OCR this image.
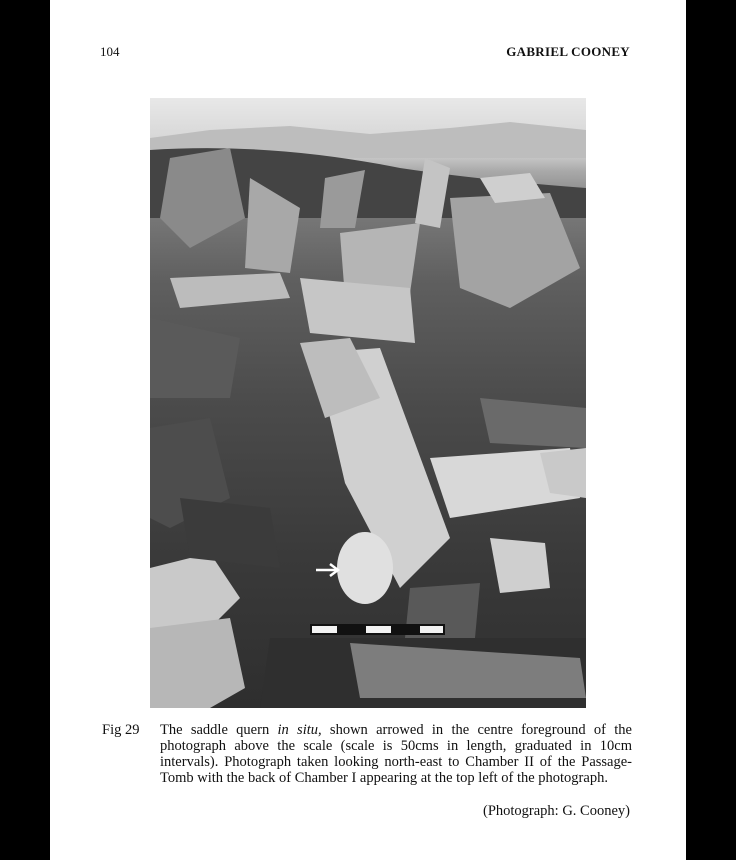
104	GABRIEL COONEY
Fig 29 The saddle quern in situ, shown arrowed in the centre foreground of the photograph above the scale (scale is 50cms in length, graduated in 10cm intervals). Photograph taken looking north-east to Chamber II of the Passage-Tomb with the back of Chamber I appearing at the top left of the photograph.
(Photograph: G. Cooney)
